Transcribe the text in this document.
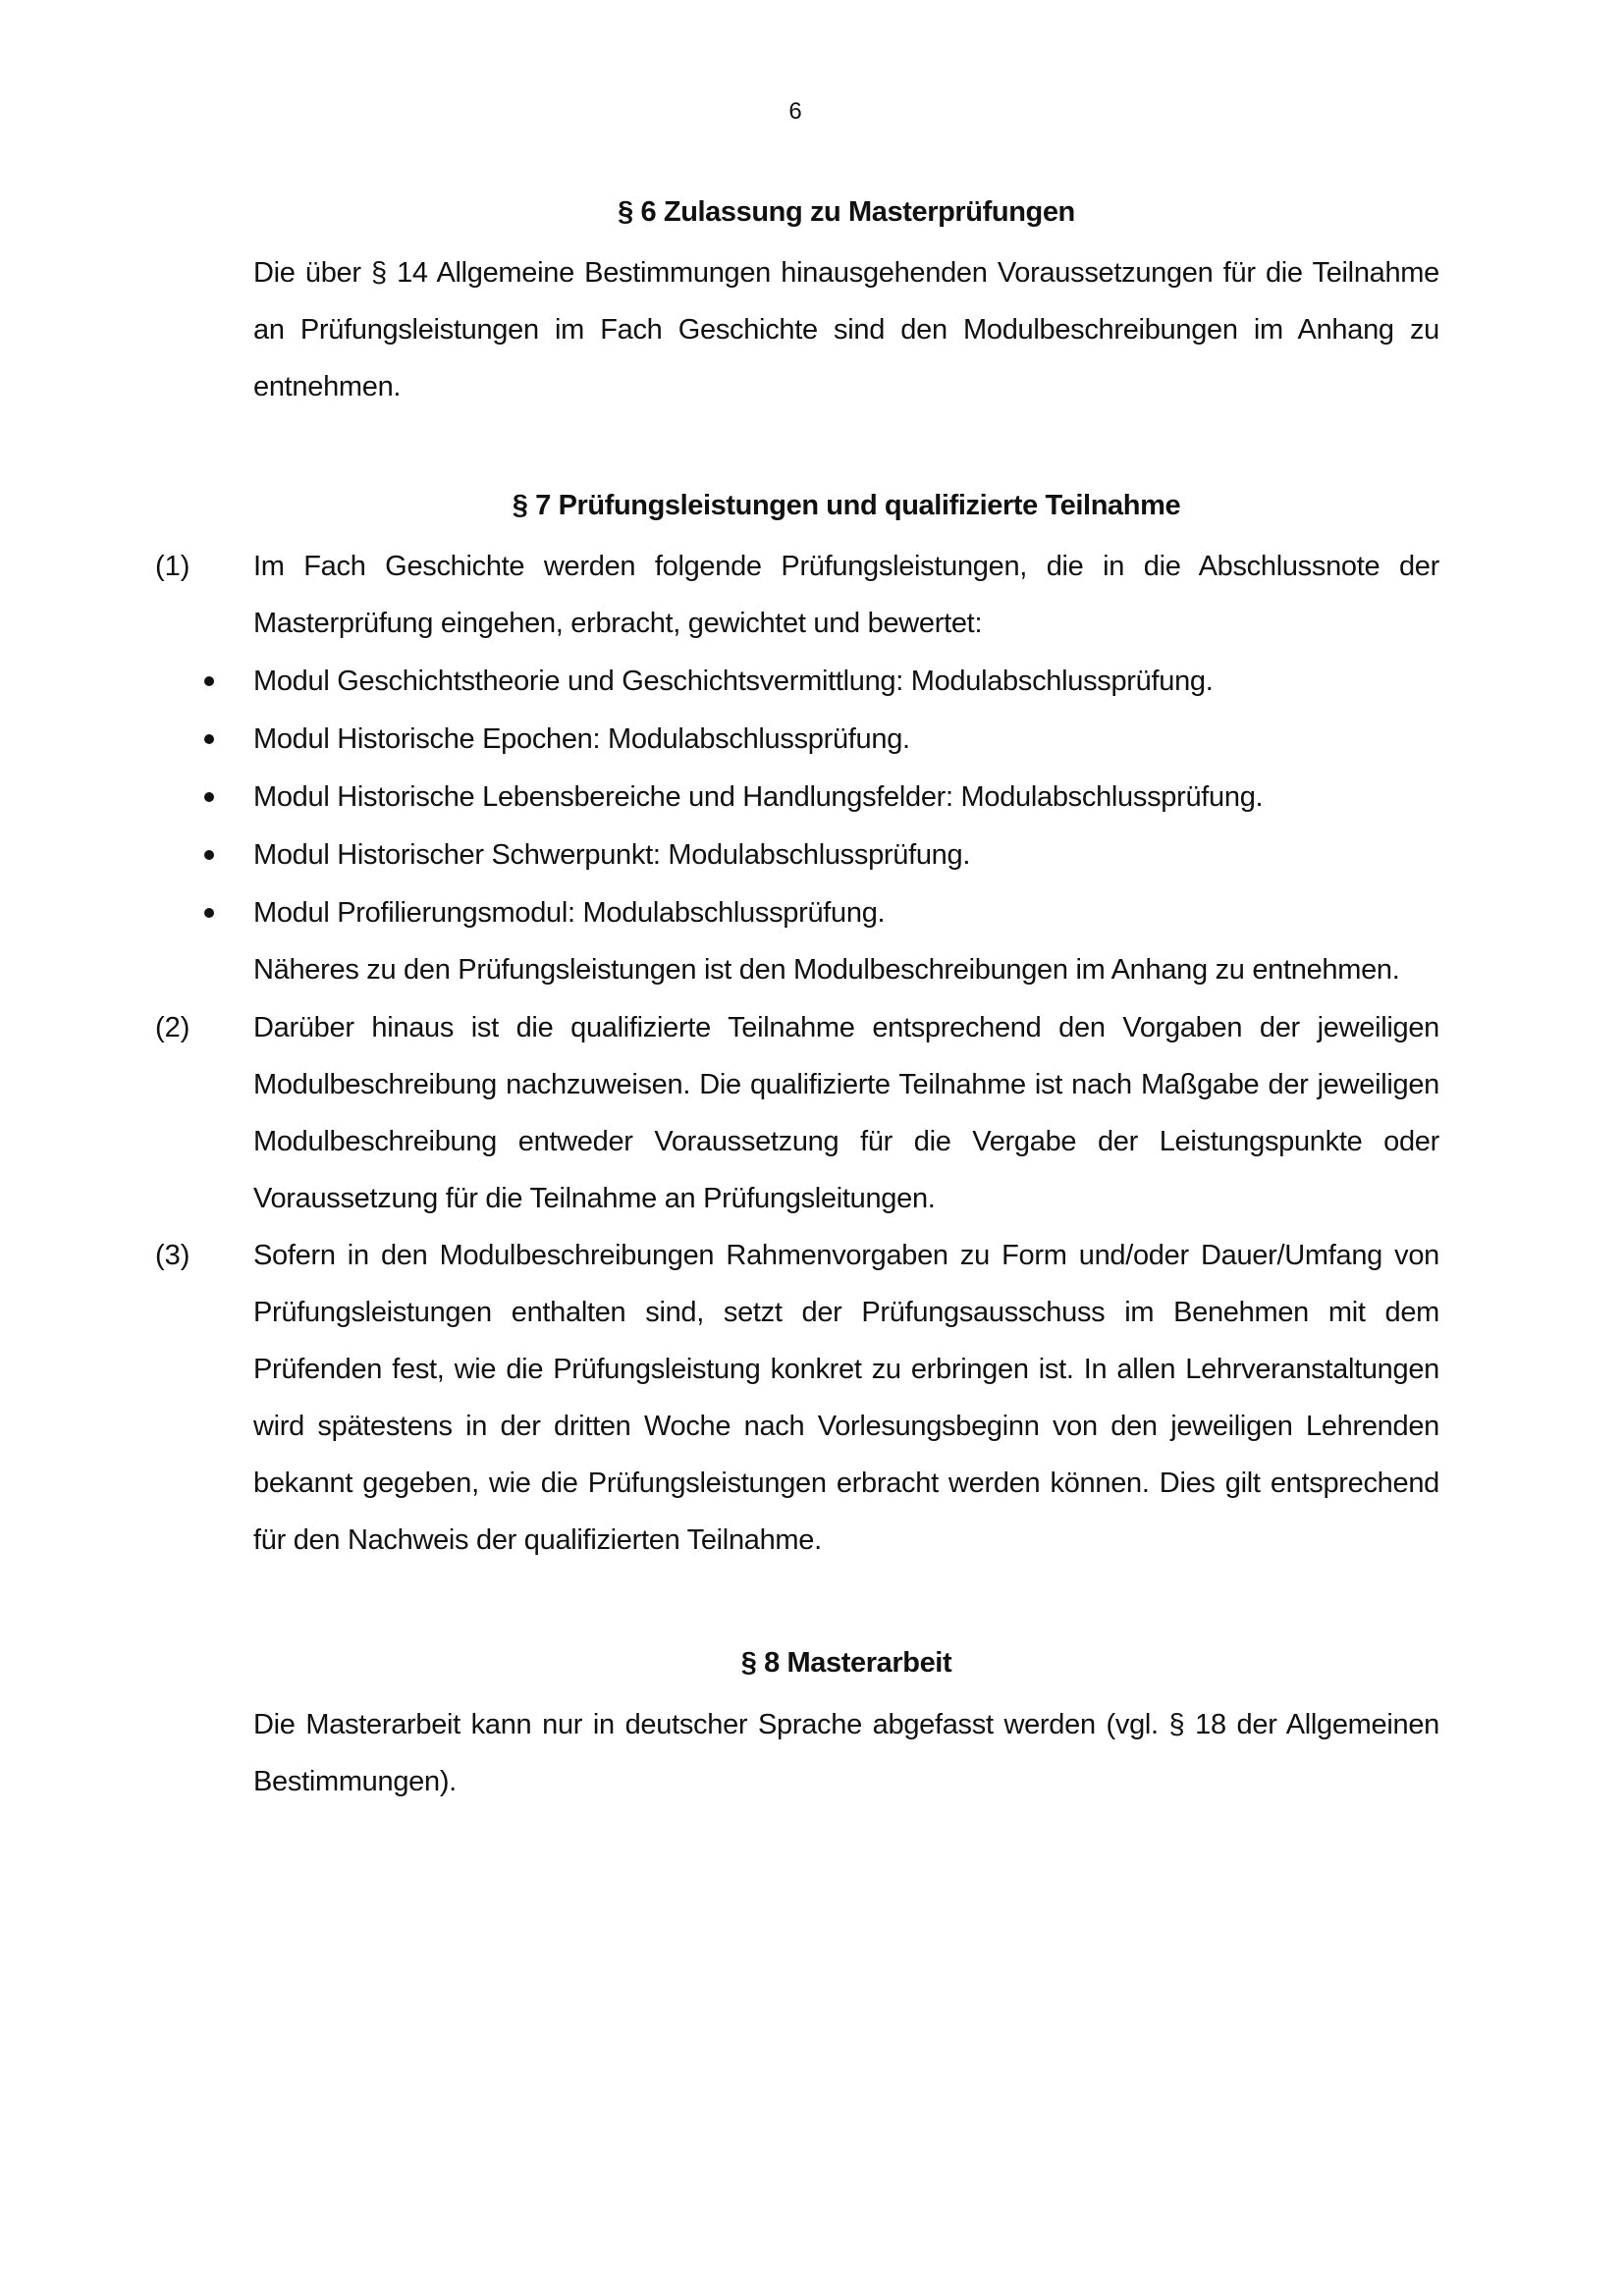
6
§ 6 Zulassung zu Masterprüfungen
Die über § 14 Allgemeine Bestimmungen hinausgehenden Voraussetzungen für die Teilnahme an Prüfungsleistungen im Fach Geschichte sind den Modulbeschreibungen im Anhang zu entnehmen.
§ 7 Prüfungsleistungen und qualifizierte Teilnahme
(1) Im Fach Geschichte werden folgende Prüfungsleistungen, die in die Abschlussnote der Masterprüfung eingehen, erbracht, gewichtet und bewertet:
Modul Geschichtstheorie und Geschichtsvermittlung: Modulabschlussprüfung.
Modul Historische Epochen: Modulabschlussprüfung.
Modul Historische Lebensbereiche und Handlungsfelder: Modulabschlussprüfung.
Modul Historischer Schwerpunkt: Modulabschlussprüfung.
Modul Profilierungsmodul: Modulabschlussprüfung.
Näheres zu den Prüfungsleistungen ist den Modulbeschreibungen im Anhang zu entnehmen.
(2) Darüber hinaus ist die qualifizierte Teilnahme entsprechend den Vorgaben der jeweiligen Modulbeschreibung nachzuweisen. Die qualifizierte Teilnahme ist nach Maßgabe der jeweiligen Modulbeschreibung entweder Voraussetzung für die Vergabe der Leistungspunkte oder Voraussetzung für die Teilnahme an Prüfungsleitungen.
(3) Sofern in den Modulbeschreibungen Rahmenvorgaben zu Form und/oder Dauer/Umfang von Prüfungsleistungen enthalten sind, setzt der Prüfungsausschuss im Benehmen mit dem Prüfenden fest, wie die Prüfungsleistung konkret zu erbringen ist. In allen Lehrveranstaltungen wird spätestens in der dritten Woche nach Vorlesungsbeginn von den jeweiligen Lehrenden bekannt gegeben, wie die Prüfungsleistungen erbracht werden können. Dies gilt entsprechend für den Nachweis der qualifizierten Teilnahme.
§ 8 Masterarbeit
Die Masterarbeit kann nur in deutscher Sprache abgefasst werden (vgl. § 18 der Allgemeinen Bestimmungen).
